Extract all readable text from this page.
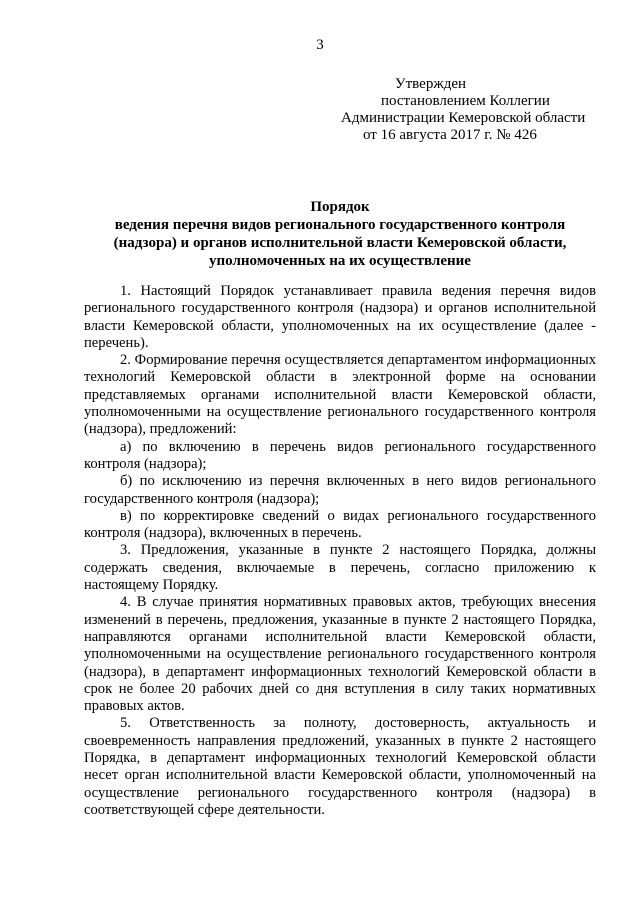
3
Утвержден
постановлением Коллегии
Администрации Кемеровской области
от 16 августа 2017 г. № 426
Порядок
ведения перечня видов регионального государственного контроля
(надзора) и органов исполнительной власти Кемеровской области,
уполномоченных на их осуществление

1. Настоящий Порядок устанавливает правила ведения перечня видов регионального государственного контроля (надзора) и органов исполнительной власти Кемеровской области, уполномоченных на их осуществление (далее - перечень).

2. Формирование перечня осуществляется департаментом информационных технологий Кемеровской области в электронной форме на основании представляемых органами исполнительной власти Кемеровской области, уполномоченными на осуществление регионального государственного контроля (надзора), предложений:

а) по включению в перечень видов регионального государственного контроля (надзора);

б) по исключению из перечня включенных в него видов регионального государственного контроля (надзора);

в) по корректировке сведений о видах регионального государственного контроля (надзора), включенных в перечень.

3. Предложения, указанные в пункте 2 настоящего Порядка, должны содержать сведения, включаемые в перечень, согласно приложению к настоящему Порядку.

4. В случае принятия нормативных правовых актов, требующих внесения изменений в перечень, предложения, указанные в пункте 2 настоящего Порядка, направляются органами исполнительной власти Кемеровской области, уполномоченными на осуществление регионального государственного контроля (надзора), в департамент информационных технологий Кемеровской области в срок не более 20 рабочих дней со дня вступления в силу таких нормативных правовых актов.

5. Ответственность за полноту, достоверность, актуальность и своевременность направления предложений, указанных в пункте 2 настоящего Порядка, в департамент информационных технологий Кемеровской области несет орган исполнительной власти Кемеровской области, уполномоченный на осуществление регионального государственного контроля (надзора) в соответствующей сфере деятельности.
